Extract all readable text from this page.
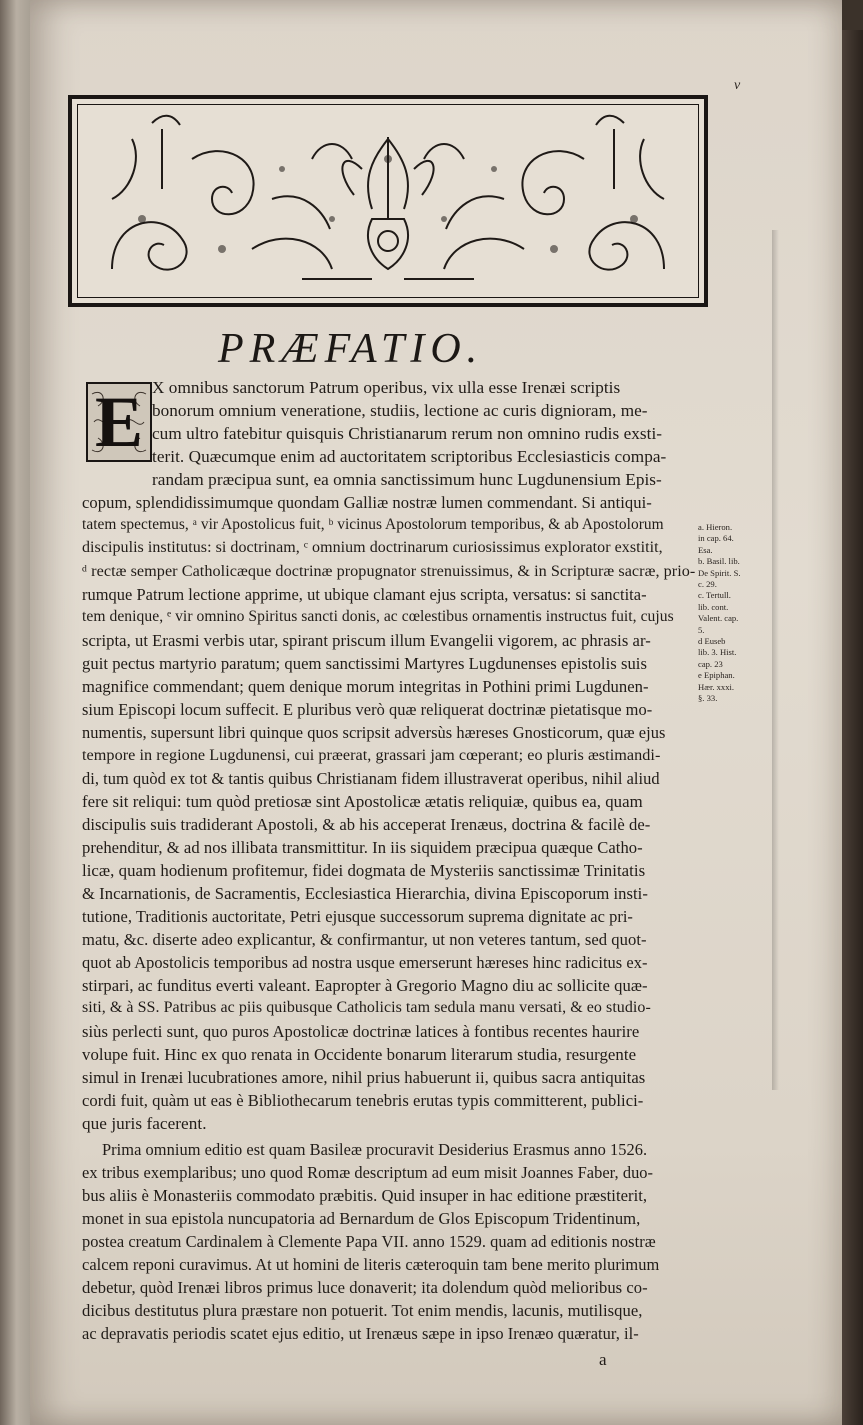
v
PRÆFATIO.
E X omnibus sanctorum Patrum operibus, vix ulla esse Irenæi scriptis
bonorum omnium veneratione, studiis, lectione ac curis dignioram, me-
cum ultro fatebitur quisquis Christianarum rerum non omnino rudis exsti-
terit. Quæcumque enim ad auctoritatem scriptoribus Ecclesiasticis compa-
randam præcipua sunt, ea omnia sanctissimum hunc Lugdunensium Epis-
copum, splendidissimumque quondam Galliæ nostræ lumen commendant. Si antiqui-
tatem spectemus, ᵃ vir Apostolicus fuit, ᵇ vicinus Apostolorum temporibus, & ab Apostolorum
discipulis institutus: si doctrinam, ᶜ omnium doctrinarum curiosissimus explorator exstitit,
ᵈ rectæ semper Catholicæque doctrinæ propugnator strenuissimus, & in Scripturæ sacræ, prio-
rumque Patrum lectione apprime, ut ubique clamant ejus scripta, versatus: si sanctita-
tem denique, ᵉ vir omnino Spiritus sancti donis, ac cœlestibus ornamentis instructus fuit, cujus
scripta, ut Erasmi verbis utar, spirant priscum illum Evangelii vigorem, ac phrasis ar-
guit pectus martyrio paratum; quem sanctissimi Martyres Lugdunenses epistolis suis
magnifice commendant; quem denique morum integritas in Pothini primi Lugdunen-
sium Episcopi locum suffecit. E pluribus verò quæ reliquerat doctrinæ pietatisque mo-
numentis, supersunt libri quinque quos scripsit adversùs hæreses Gnosticorum, quæ ejus
tempore in regione Lugdunensi, cui præerat, grassari jam cœperant; eo pluris æstimandi-
di, tum quòd ex tot & tantis quibus Christianam fidem illustraverat operibus, nihil aliud
fere sit reliqui: tum quòd pretiosæ sint Apostolicæ ætatis reliquiæ, quibus ea, quam
discipulis suis tradiderant Apostoli, & ab his acceperat Irenæus, doctrina & facilè de-
prehenditur, & ad nos illibata transmittitur. In iis siquidem præcipua quæque Catho-
licæ, quam hodienum profitemur, fidei dogmata de Mysteriis sanctissimæ Trinitatis
& Incarnationis, de Sacramentis, Ecclesiastica Hierarchia, divina Episcoporum insti-
tutione, Traditionis auctoritate, Petri ejusque successorum suprema dignitate ac pri-
matu, &c. diserte adeo explicantur, & confirmantur, ut non veteres tantum, sed quot-
quot ab Apostolicis temporibus ad nostra usque emerserunt hæreses hinc radicitus ex-
stirpari, ac funditus everti valeant. Eapropter à Gregorio Magno diu ac sollicite quæ-
siti, & à SS. Patribus ac piis quibusque Catholicis tam sedula manu versati, & eo studio-
siùs perlecti sunt, quo puros Apostolicæ doctrinæ latices à fontibus recentes haurire
volupe fuit. Hinc ex quo renata in Occidente bonarum literarum studia, resurgente
simul in Irenæi lucubrationes amore, nihil prius habuerunt ii, quibus sacra antiquitas
cordi fuit, quàm ut eas è Bibliothecarum tenebris erutas typis committerent, publici-
que juris facerent.
Prima omnium editio est quam Basileæ procuravit Desiderius Erasmus anno 1526.
ex tribus exemplaribus; uno quod Romæ descriptum ad eum misit Joannes Faber, duo-
bus aliis è Monasteriis commodato præbitis. Quid insuper in hac editione præstiterit,
monet in sua epistola nuncupatoria ad Bernardum de Glos Episcopum Tridentinum,
postea creatum Cardinalem à Clemente Papa VII. anno 1529. quam ad editionis nostræ
calcem reponi curavimus. At ut homini de literis cæteroquin tam bene merito plurimum
debetur, quòd Irenæi libros primus luce donaverit; ita dolendum quòd melioribus co-
dicibus destitutus plura præstare non potuerit. Tot enim mendis, lacunis, mutilisque,
ac depravatis periodis scatet ejus editio, ut Irenæus sæpe in ipso Irenæo quæratur, il-
a. Hieron.
in cap. 64.
Esa.
b. Basil. lib.
De Spirit. S.
c. 29.
c. Tertull.
lib. cont.
Valent. cap.
5.
d Euseb
lib. 3. Hist.
cap. 23
e Epiphan.
Hær. xxxi.
§. 33.
a
